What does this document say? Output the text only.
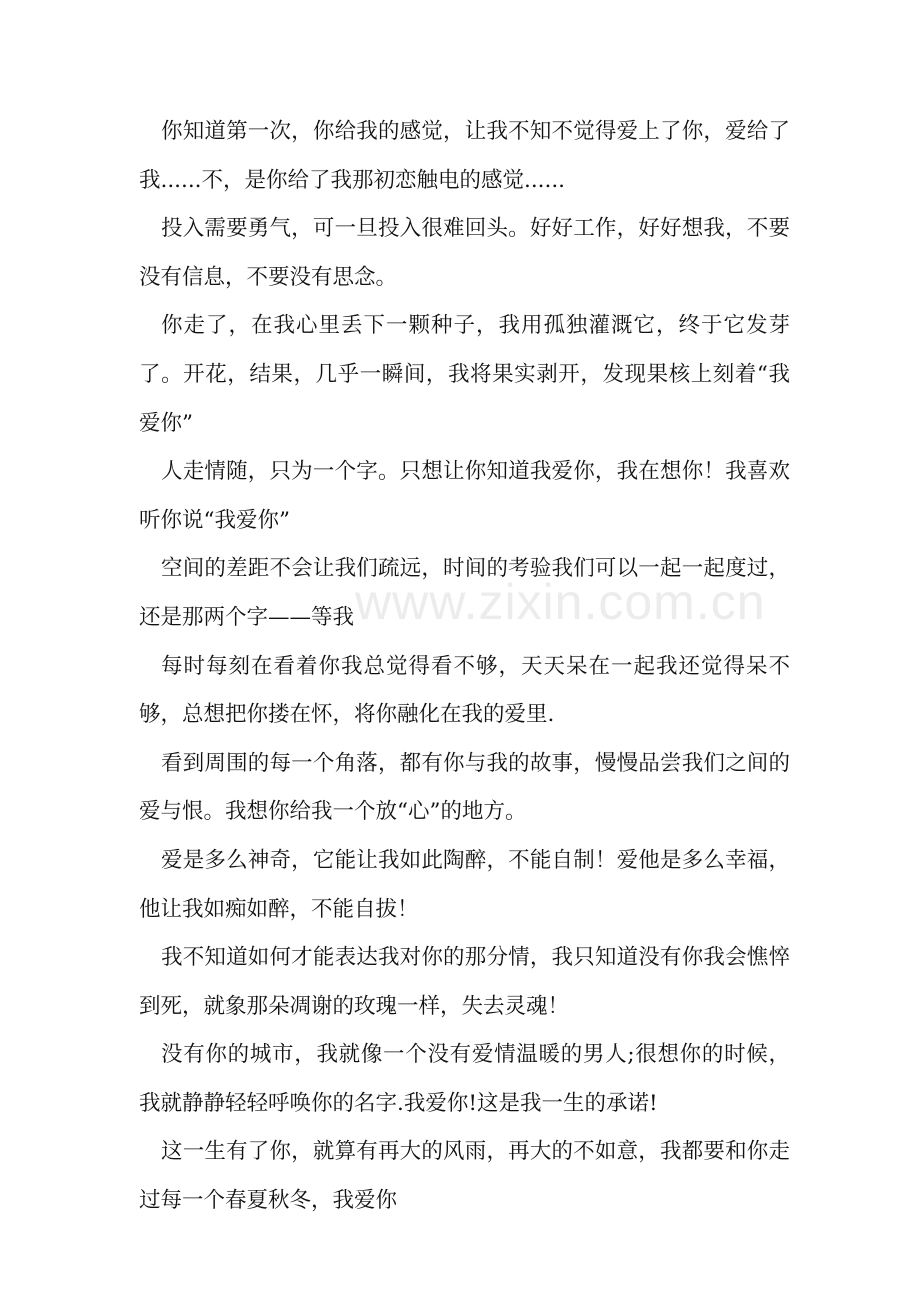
www.zixin.com.cn

你知道第一次，你给我的感觉，让我不知不觉得爱上了你，爱给了我......不，是你给了我那初恋触电的感觉......

投入需要勇气，可一旦投入很难回头。好好工作，好好想我，不要没有信息，不要没有思念。

你走了，在我心里丢下一颗种子，我用孤独灌溉它，终于它发芽了。开花，结果，几乎一瞬间，我将果实剥开，发现果核上刻着“我爱你”

人走情随，只为一个字。只想让你知道我爱你，我在想你！我喜欢听你说“我爱你”

空间的差距不会让我们疏远，时间的考验我们可以一起一起度过，还是那两个字——等我

每时每刻在看着你我总觉得看不够，天天呆在一起我还觉得呆不够，总想把你搂在怀，将你融化在我的爱里.

看到周围的每一个角落，都有你与我的故事，慢慢品尝我们之间的爱与恨。我想你给我一个放“心”的地方。

爱是多么神奇，它能让我如此陶醉，不能自制！爱他是多么幸福，他让我如痴如醉，不能自拔！

我不知道如何才能表达我对你的那分情，我只知道没有你我会憔悴到死，就象那朵凋谢的玫瑰一样，失去灵魂！

没有你的城市，我就像一个没有爱情温暖的男人;很想你的时候，我就静静轻轻呼唤你的名字.我爱你!这是我一生的承诺!

这一生有了你，就算有再大的风雨，再大的不如意，我都要和你走过每一个春夏秋冬，我爱你
